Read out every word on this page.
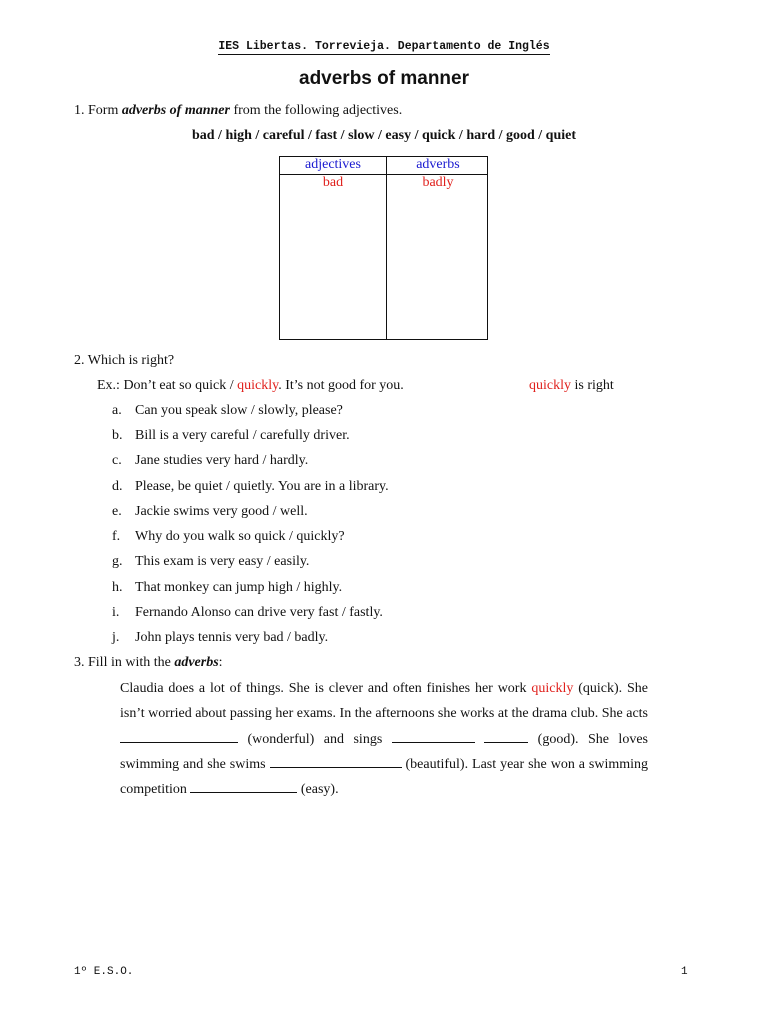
IES Libertas. Torrevieja. Departamento de Inglés
adverbs of manner
1. Form adverbs of manner from the following adjectives.
bad / high / careful / fast / slow / easy / quick / hard / good / quiet
adjectives	adverbs
bad	badly
2. Which is right?
Ex.: Don’t eat so quick / quickly. It’s not good for you.	quickly is right
a. Can you speak slow / slowly, please?
b. Bill is a very careful / carefully driver.
c. Jane studies very hard / hardly.
d. Please, be quiet / quietly. You are in a library.
e. Jackie swims very good / well.
f.	Why do you walk so quick / quickly?
g. This exam is very easy / easily.
h. That monkey can jump high / highly.
i.	Fernando Alonso can drive very fast / fastly.
j.	John plays tennis very bad / badly.
3. Fill in with the adverbs:
Claudia does a lot of things. She is clever and often finishes her work quickly (quick). She isn’t worried about passing her exams. In the afternoons she works at the drama club. She acts  (wonderful) and sings	(good). She loves swimming and she swims	(beautiful). Last year she won a swimming competition	(easy).
1º E.S.O.	1
